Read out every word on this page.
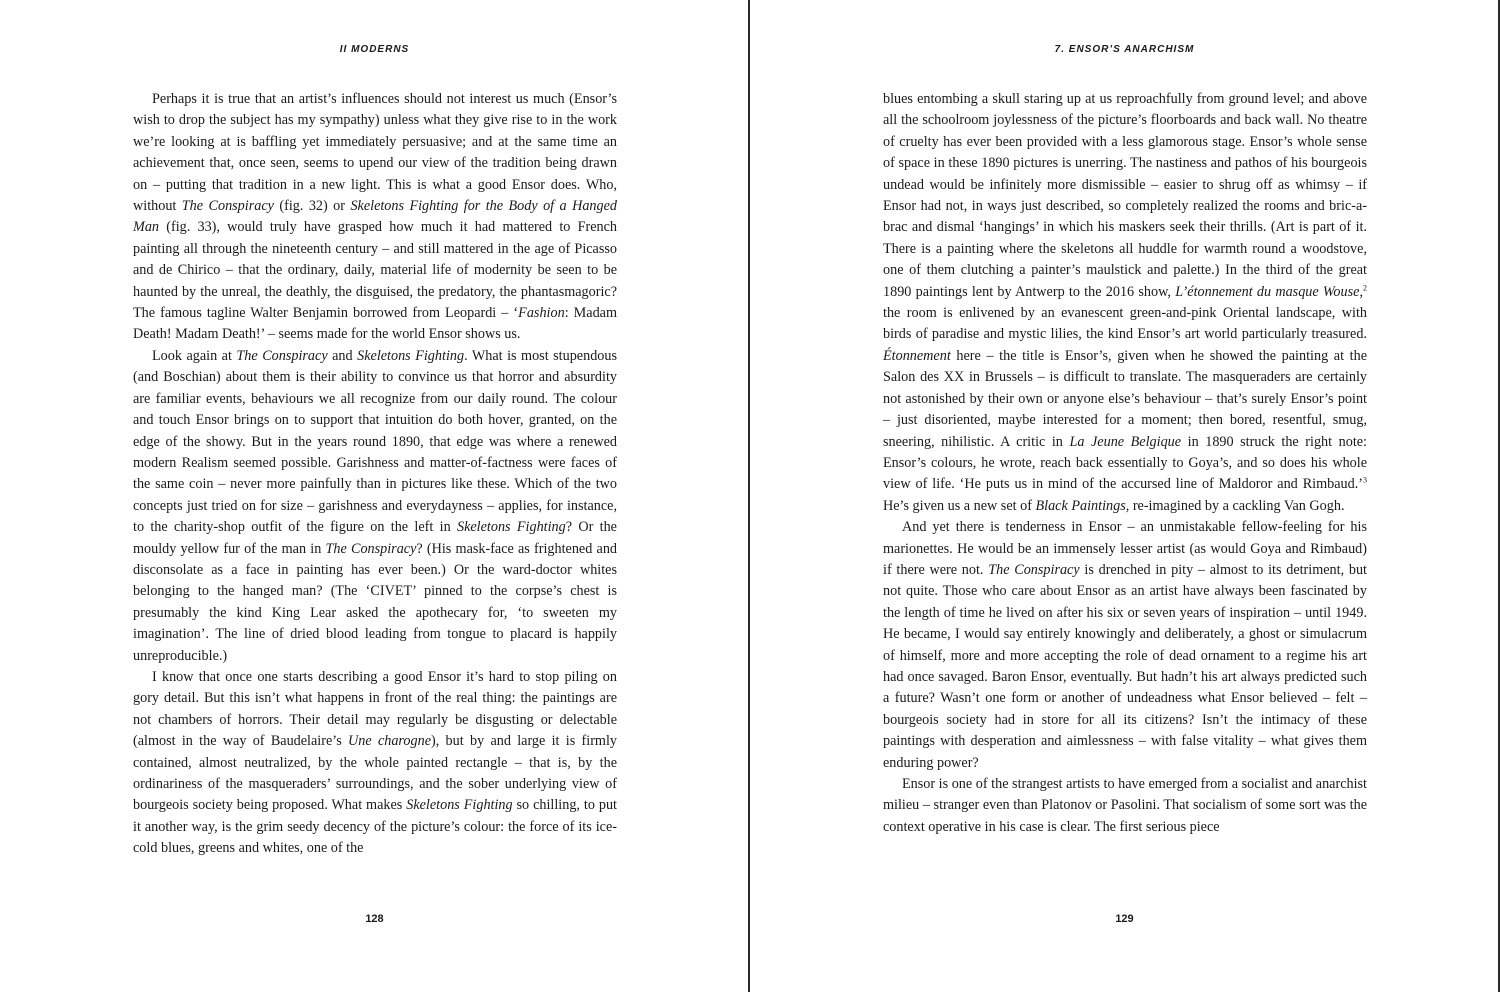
II MODERNS

Perhaps it is true that an artist’s influences should not interest us much (Ensor’s wish to drop the subject has my sympathy) unless what they give rise to in the work we’re looking at is baffling yet immediately persuasive; and at the same time an achievement that, once seen, seems to upend our view of the tradition being drawn on – putting that tradition in a new light. This is what a good Ensor does. Who, without The Conspiracy (fig. 32) or Skeletons Fighting for the Body of a Hanged Man (fig. 33), would truly have grasped how much it had mattered to French painting all through the nineteenth century – and still mattered in the age of Picasso and de Chirico – that the ordinary, daily, material life of modernity be seen to be haunted by the unreal, the deathly, the disguised, the predatory, the phantasmagoric? The famous tagline Walter Benjamin borrowed from Leopardi – ‘Fashion: Madam Death! Madam Death!’ – seems made for the world Ensor shows us.

Look again at The Conspiracy and Skeletons Fighting. What is most stupendous (and Boschian) about them is their ability to convince us that horror and absurdity are familiar events, behaviours we all recognize from our daily round. The colour and touch Ensor brings on to support that intuition do both hover, granted, on the edge of the showy. But in the years round 1890, that edge was where a renewed modern Realism seemed possible. Garishness and matter-of-factness were faces of the same coin – never more painfully than in pictures like these. Which of the two concepts just tried on for size – garishness and everydayness – applies, for instance, to the charity-shop outfit of the figure on the left in Skeletons Fighting? Or the mouldy yellow fur of the man in The Conspiracy? (His mask-face as frightened and disconsolate as a face in painting has ever been.) Or the ward-doctor whites belonging to the hanged man? (The ‘CIVET’ pinned to the corpse’s chest is presumably the kind King Lear asked the apothecary for, ‘to sweeten my imagination’. The line of dried blood leading from tongue to placard is happily unreproducible.)

I know that once one starts describing a good Ensor it’s hard to stop piling on gory detail. But this isn’t what happens in front of the real thing: the paintings are not chambers of horrors. Their detail may regularly be disgusting or delectable (almost in the way of Baudelaire’s Une charogne), but by and large it is firmly contained, almost neutralized, by the whole painted rectangle – that is, by the ordinariness of the masqueraders’ surroundings, and the sober underlying view of bourgeois society being proposed. What makes Skeletons Fighting so chilling, to put it another way, is the grim seedy decency of the picture’s colour: the force of its ice-cold blues, greens and whites, one of the

128
7. ENSOR’S ANARCHISM

blues entombing a skull staring up at us reproachfully from ground level; and above all the schoolroom joylessness of the picture’s floorboards and back wall. No theatre of cruelty has ever been provided with a less glamorous stage. Ensor’s whole sense of space in these 1890 pictures is unerring. The nastiness and pathos of his bourgeois undead would be infinitely more dismissible – easier to shrug off as whimsy – if Ensor had not, in ways just described, so completely realized the rooms and bric-a-brac and dismal ‘hangings’ in which his maskers seek their thrills. (Art is part of it. There is a painting where the skeletons all huddle for warmth round a woodstove, one of them clutching a painter’s maulstick and palette.) In the third of the great 1890 paintings lent by Antwerp to the 2016 show, L’étonnement du masque Wouse,$^2$ the room is enlivened by an evanescent green-and-pink Oriental landscape, with birds of paradise and mystic lilies, the kind Ensor’s art world particularly treasured. Étonnement here – the title is Ensor’s, given when he showed the painting at the Salon des XX in Brussels – is difficult to translate. The masqueraders are certainly not astonished by their own or anyone else’s behaviour – that’s surely Ensor’s point – just disoriented, maybe interested for a moment; then bored, resentful, smug, sneering, nihilistic. A critic in La Jeune Belgique in 1890 struck the right note: Ensor’s colours, he wrote, reach back essentially to Goya’s, and so does his whole view of life. ‘He puts us in mind of the accursed line of Maldoror and Rimbaud.’$^3$ He’s given us a new set of Black Paintings, re-imagined by a cackling Van Gogh.

And yet there is tenderness in Ensor – an unmistakable fellow-feeling for his marionettes. He would be an immensely lesser artist (as would Goya and Rimbaud) if there were not. The Conspiracy is drenched in pity – almost to its detriment, but not quite. Those who care about Ensor as an artist have always been fascinated by the length of time he lived on after his six or seven years of inspiration – until 1949. He became, I would say entirely knowingly and deliberately, a ghost or simulacrum of himself, more and more accepting the role of dead ornament to a regime his art had once savaged. Baron Ensor, eventually. But hadn’t his art always predicted such a future? Wasn’t one form or another of undeadness what Ensor believed – felt – bourgeois society had in store for all its citizens? Isn’t the intimacy of these paintings with desperation and aimlessness – with false vitality – what gives them enduring power?

Ensor is one of the strangest artists to have emerged from a socialist and anarchist milieu – stranger even than Platonov or Pasolini. That socialism of some sort was the context operative in his case is clear. The first serious piece

129
